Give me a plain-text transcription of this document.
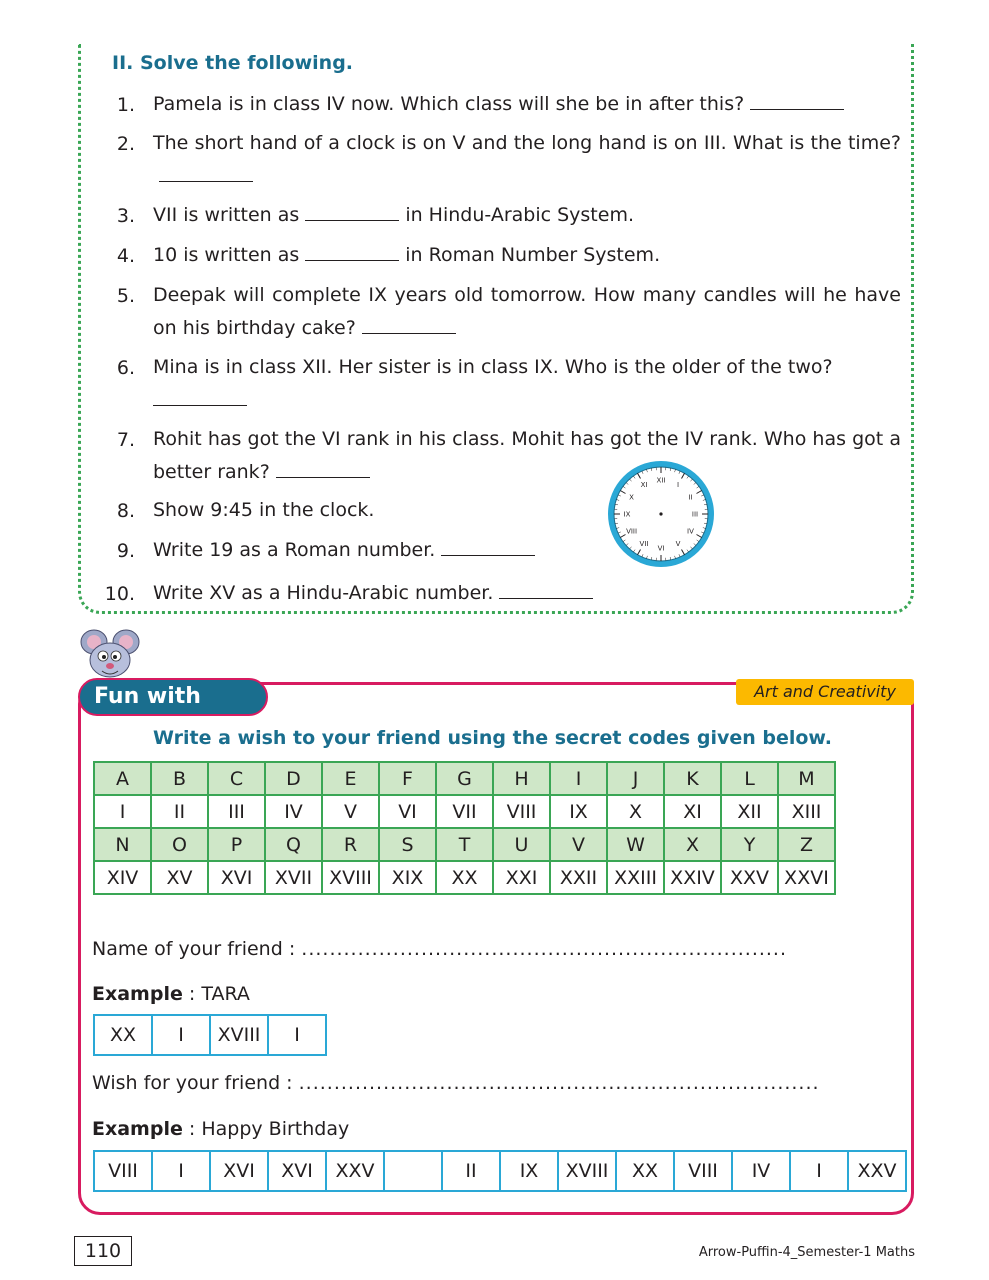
II. Solve the following.
1. Pamela is in class IV now. Which class will she be in after this?
2. The short hand of a clock is on V and the long hand is on III. What is the time?
3. VII is written as	in Hindu-Arabic System.
4. 10 is written as	in Roman Number System.
5. Deepak will complete IX years old tomorrow. How many candles will he have on his birthday cake?
6. Mina is in class XII. Her sister is in class IX. Who is the older of the two?

7. Rohit has got the VI rank in his class. Mohit has got the IV rank. Who has got a better rank?
8. Show 9:45 in the clock.
9. Write 19 as a Roman number.
10. Write XV as a Hindu-Arabic number.
XII
I
II
III
IV
V
VI
VII
VIII
IX
X
XI
Fun with Maths
Art and Creativity
Write a wish to your friend using the secret codes given below.
A	B	C	D	E	F	G	H	I	J	K	L	M
I	II	III	IV	V	VI	VII	VIII	IX	X	XI	XII	XIII
N	O	P	Q	R	S	T	U	V	W	X	Y	Z
XIV	XV	XVI	XVII	XVIII	XIX	XX	XXI	XXII	XXIII	XXIV	XXV	XXVI
Name of your friend : .....................................................................
Example : TARA
XX	I	XVIII	I
Wish for your friend : ..........................................................................
Example : Happy Birthday
VIII	I	XVI	XVI	XXV		II	IX	XVIII	XX	VIII	IV	I	XXV
110	Arrow-Puffin-4_Semester-1 Maths
